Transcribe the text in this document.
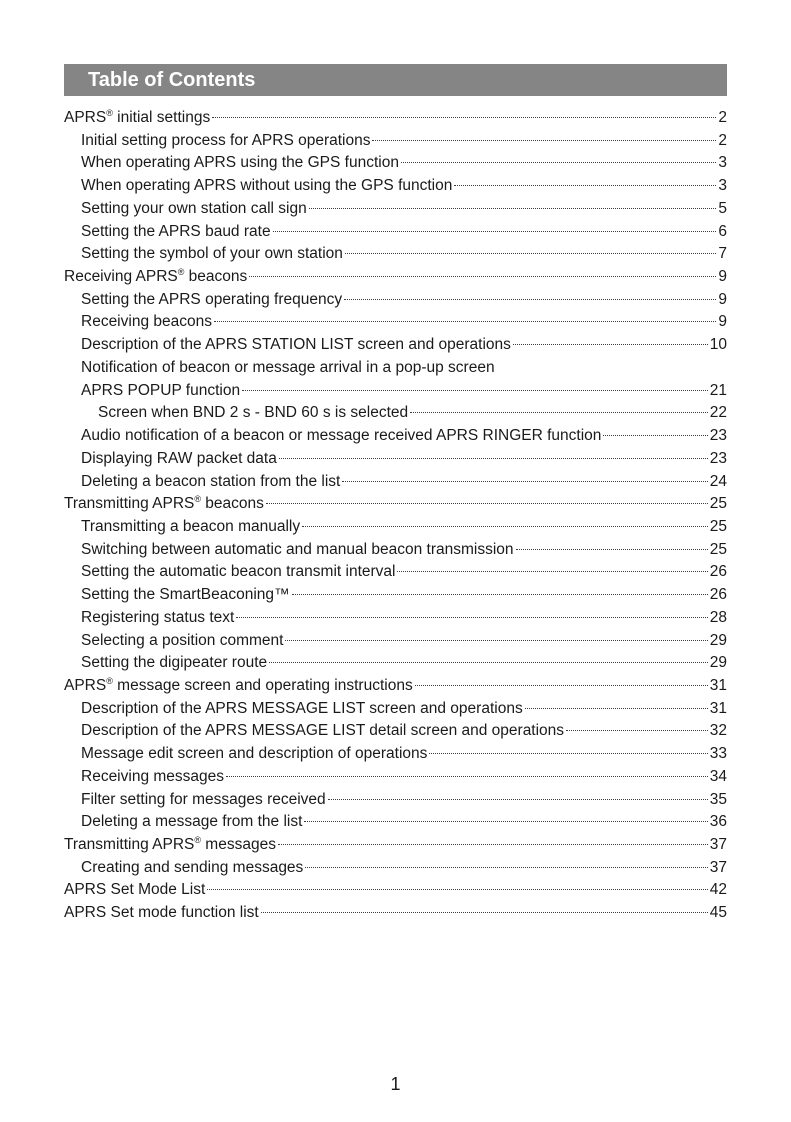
Table of Contents
APRS® initial settings	2
Initial setting process for APRS operations	2
When operating APRS using the GPS function	3
When operating APRS without using the GPS function	3
Setting your own station call sign	5
Setting the APRS baud rate	6
Setting the symbol of your own station	7
Receiving APRS® beacons	9
Setting the APRS operating frequency	9
Receiving beacons	9
Description of the APRS STATION LIST screen and operations	10
Notification of beacon or message arrival in a pop-up screen
APRS POPUP function	21
Screen when BND 2 s - BND 60 s is selected	22
Audio notification of a beacon or message received APRS RINGER function	23
Displaying RAW packet data	23
Deleting a beacon station from the list	24
Transmitting APRS® beacons	25
Transmitting a beacon manually	25
Switching between automatic and manual beacon transmission	25
Setting the automatic beacon transmit interval	26
Setting the SmartBeaconing™	26
Registering status text	28
Selecting a position comment	29
Setting the digipeater route	29
APRS® message screen and operating instructions	31
Description of the APRS MESSAGE LIST screen and operations	31
Description of the APRS MESSAGE LIST detail screen and operations	32
Message edit screen and description of operations	33
Receiving messages	34
Filter setting for messages received	35
Deleting a message from the list	36
Transmitting APRS® messages	37
Creating and sending messages	37
APRS Set Mode List	42
APRS Set mode function list	45
1
